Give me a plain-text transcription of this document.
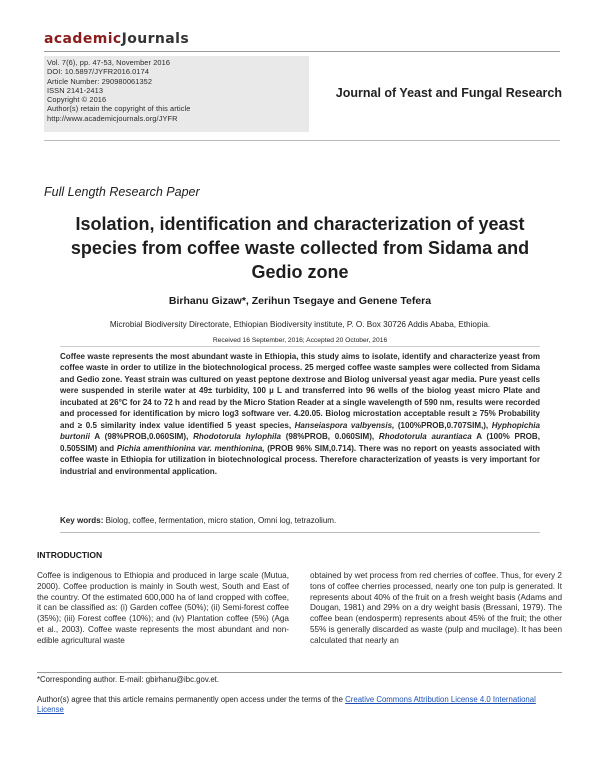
academicJournals
Vol. 7(6), pp. 47-53, November 2016
DOI: 10.5897/JYFR2016.0174
Article Number: 290980061352
ISSN 2141-2413
Copyright © 2016
Author(s) retain the copyright of this article
http://www.academicjournals.org/JYFR
Journal of Yeast and Fungal Research
Full Length Research Paper
Isolation, identification and characterization of yeast species from coffee waste collected from Sidama and Gedio zone
Birhanu Gizaw*, Zerihun Tsegaye and Genene Tefera
Microbial Biodiversity Directorate, Ethiopian Biodiversity institute, P. O. Box 30726 Addis Ababa, Ethiopia.
Received 16 September, 2016; Accepted 20 October, 2016

Coffee waste represents the most abundant waste in Ethiopia, this study aims to isolate, identify and characterize yeast from coffee waste in order to utilize in the biotechnological process. 25 merged coffee waste samples were collected from Sidama and Gedio zone. Yeast strain was cultured on yeast peptone dextrose and Biolog universal yeast agar media. Pure yeast cells were suspended in sterile water at 49± turbidity, 100 µ L and transferred into 96 wells of the biolog yeast micro Plate and incubated at 26°C for 24 to 72 h and read by the Micro Station Reader at a single wavelength of 590 nm, results were recorded and processed for identification by micro log3 software ver. 4.20.05. Biolog microstation acceptable result ≥ 75% Probability and ≥ 0.5 similarity index value identified 5 yeast species, Hanseiaspora valbyensis, (100%PROB,0.707SIM,), Hyphopichia burtonii A (98%PROB,0.060SIM), Rhodotorula hylophila (98%PROB, 0.060SIM), Rhodotorula aurantiaca A (100% PROB, 0.505SIM) and Pichia amenthionina var. menthionina, (PROB 96% SIM,0.714). There was no report on yeasts associated with coffee waste in Ethiopia for utilization in biotechnological process. Therefore characterization of yeasts is very important for industrial and environmental application.

Key words: Biolog, coffee, fermentation, micro station, Omni log, tetrazolium.
INTRODUCTION

Coffee is indigenous to Ethiopia and produced in large scale (Mutua, 2000). Coffee production is mainly in South west, South and East of the country. Of the estimated 600,000 ha of land cropped with coffee, it can be classified as: (i) Garden coffee (50%); (ii) Semi-forest coffee (35%); (iii) Forest coffee (10%); and (iv) Plantation coffee (5%) (Aga et al., 2003). Coffee waste represents the most abundant and non-edible agricultural waste

obtained by wet process from red cherries of coffee. Thus, for every 2 tons of coffee cherries processed, nearly one ton pulp is generated. It represents about 40% of the fruit on a fresh weight basis (Adams and Dougan, 1981) and 29% on a dry weight basis (Bressani, 1979). The coffee bean (endosperm) represents about 45% of the fruit; the other 55% is generally discarded as waste (pulp and mucilage). It has been calculated that nearly an

*Corresponding author. E-mail: gbirhanu@ibc.gov.et.
Author(s) agree that this article remains permanently open access under the terms of the Creative Commons Attribution License 4.0 International License
